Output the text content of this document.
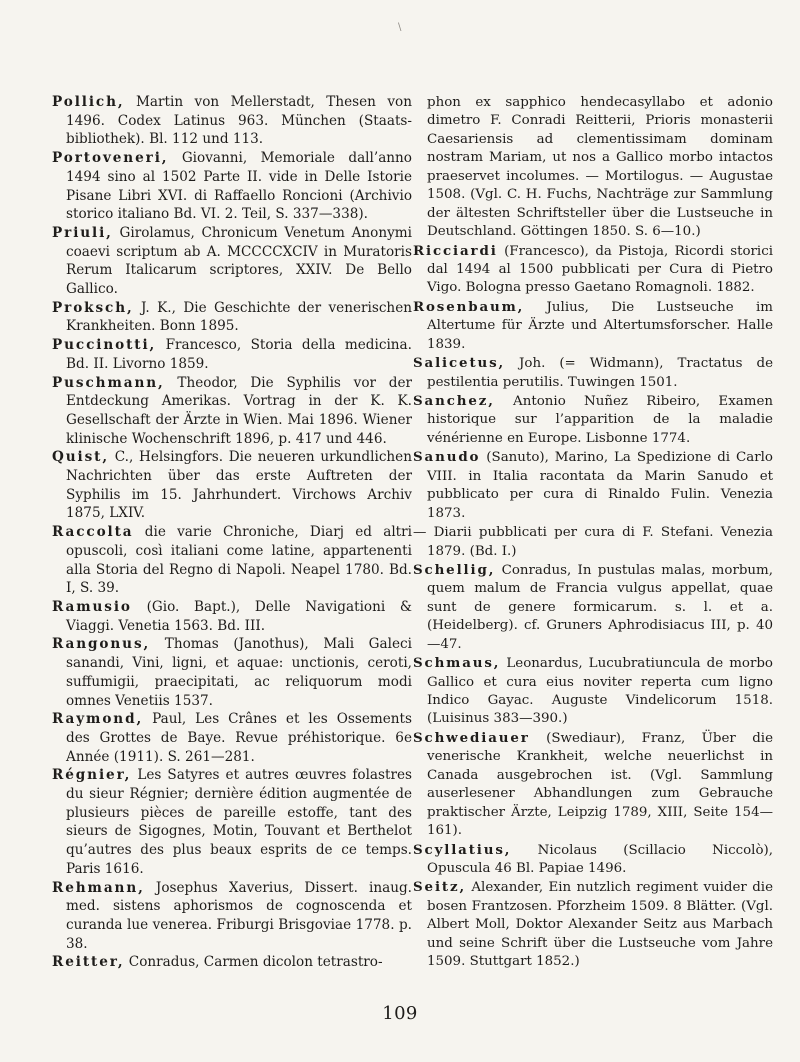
\

Pollich, Martin von Mellerstadt, Thesen von 1496. Codex Latinus 963. München (Staats-bibliothek). Bl. 112 und 113.

Portoveneri, Giovanni, Memoriale dall’anno 1494 sino al 1502 Parte II. vide in Delle Istorie Pisane Libri XVI. di Raffaello Roncioni (Archivio storico italiano Bd. VI. 2. Teil, S. 337—338).

Priuli, Girolamus, Chronicum Venetum Anonymi coaevi scriptum ab A. MCCCCXCIV in Muratoris Rerum Italicarum scriptores, XXIV. De Bello Gallico.

Proksch, J. K., Die Geschichte der venerischen Krankheiten. Bonn 1895.

Puccinotti, Francesco, Storia della medicina. Bd. II. Livorno 1859.

Puschmann, Theodor, Die Syphilis vor der Entdeckung Amerikas. Vortrag in der K. K. Gesellschaft der Ärzte in Wien. Mai 1896. Wiener klinische Wochenschrift 1896, p. 417 und 446.

Quist, C., Helsingfors. Die neueren urkundlichen Nachrichten über das erste Auftreten der Syphilis im 15. Jahrhundert. Virchows Archiv 1875, LXIV.

Raccolta die varie Chroniche, Diarj ed altri opuscoli, così italiani come latine, appartenenti alla Storia del Regno di Napoli. Neapel 1780. Bd. I, S. 39.

Ramusio (Gio. Bapt.), Delle Navigationi & Viaggi. Venetia 1563. Bd. III.

Rangonus, Thomas (Janothus), Mali Galeci sanandi, Vini, ligni, et aquae: unctionis, ceroti, suffumigii, praecipitati, ac reliquorum modi omnes Venetiis 1537.

Raymond, Paul, Les Crânes et les Ossements des Grottes de Baye. Revue préhistorique. 6e Année (1911). S. 261—281.

Régnier, Les Satyres et autres œuvres folastres du sieur Régnier; dernière édition augmentée de plusieurs pièces de pareille estoffe, tant des sieurs de Sigognes, Motin, Touvant et Berthelot qu’autres des plus beaux esprits de ce temps. Paris 1616.

Rehmann, Josephus Xaverius, Dissert. inaug. med. sistens aphorismos de cognoscenda et curanda lue venerea. Friburgi Brisgoviae 1778. p. 38.

Reitter, Conradus, Carmen dicolon tetrastro-

phon ex sapphico hendecasyllabo et adonio dimetro F. Conradi Reitterii, Prioris monasterii Caesariensis ad clementissimam dominam nostram Mariam, ut nos a Gallico morbo intactos praeservet incolumes. — Mortilogus. — Augustae 1508. (Vgl. C. H. Fuchs, Nachträge zur Sammlung der ältesten Schriftsteller über die Lustseuche in Deutschland. Göttingen 1850. S. 6—10.)

Ricciardi (Francesco), da Pistoja, Ricordi storici dal 1494 al 1500 pubblicati per Cura di Pietro Vigo. Bologna presso Gaetano Romagnoli. 1882.

Rosenbaum, Julius, Die Lustseuche im Altertume für Ärzte und Altertumsforscher. Halle 1839.

Salicetus, Joh. (= Widmann), Tractatus de pestilentia perutilis. Tuwingen 1501.

Sanchez, Antonio Nuñez Ribeiro, Examen historique sur l’apparition de la maladie vénérienne en Europe. Lisbonne 1774.

Sanudo (Sanuto), Marino, La Spedizione di Carlo VIII. in Italia racontata da Marin Sanudo et pubblicato per cura di Rinaldo Fulin. Venezia 1873.

— Diarii pubblicati per cura di F. Stefani. Venezia 1879. (Bd. I.)

Schellig, Conradus, In pustulas malas, morbum, quem malum de Francia vulgus appellat, quae sunt de genere formicarum. s. l. et a. (Heidelberg). cf. Gruners Aphrodisiacus III, p. 40—47.

Schmaus, Leonardus, Lucubratiuncula de morbo Gallico et cura eius noviter reperta cum ligno Indico Gayac. Auguste Vindelicorum 1518. (Luisinus 383—390.)

Schwediauer (Swediaur), Franz, Über die venerische Krankheit, welche neuerlichst in Canada ausgebrochen ist. (Vgl. Sammlung auserlesener Abhandlungen zum Gebrauche praktischer Ärzte, Leipzig 1789, XIII, Seite 154—161).

Scyllatius, Nicolaus (Scillacio Niccolò), Opuscula 46 Bl. Papiae 1496.

Seitz, Alexander, Ein nutzlich regiment vuider die bosen Frantzosen. Pforzheim 1509. 8 Blätter. (Vgl. Albert Moll, Doktor Alexander Seitz aus Marbach und seine Schrift über die Lustseuche vom Jahre 1509. Stuttgart 1852.)

109
